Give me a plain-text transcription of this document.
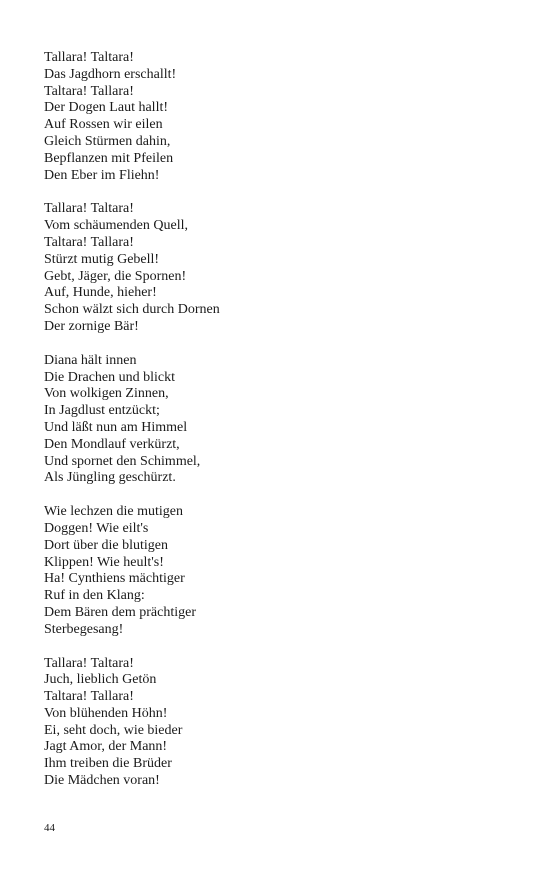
Tallara! Taltara!
Das Jagdhorn erschallt!
Taltara! Tallara!
Der Dogen Laut hallt!
Auf Rossen wir eilen
Gleich Stürmen dahin,
Bepflanzen mit Pfeilen
Den Eber im Fliehn!
Tallara! Taltara!
Vom schäumenden Quell,
Taltara! Tallara!
Stürzt mutig Gebell!
Gebt, Jäger, die Spornen!
Auf, Hunde, hieher!
Schon wälzt sich durch Dornen
Der zornige Bär!
Diana hält innen
Die Drachen und blickt
Von wolkigen Zinnen,
In Jagdlust entzückt;
Und läßt nun am Himmel
Den Mondlauf verkürzt,
Und spornet den Schimmel,
Als Jüngling geschürzt.
Wie lechzen die mutigen
Doggen! Wie eilt's
Dort über die blutigen
Klippen! Wie heult's!
Ha! Cynthiens mächtiger
Ruf in den Klang:
Dem Bären dem prächtiger
Sterbegesang!
Tallara! Taltara!
Juch, lieblich Getön
Taltara! Tallara!
Von blühenden Höhn!
Ei, seht doch, wie bieder
Jagt Amor, der Mann!
Ihm treiben die Brüder
Die Mädchen voran!
44
